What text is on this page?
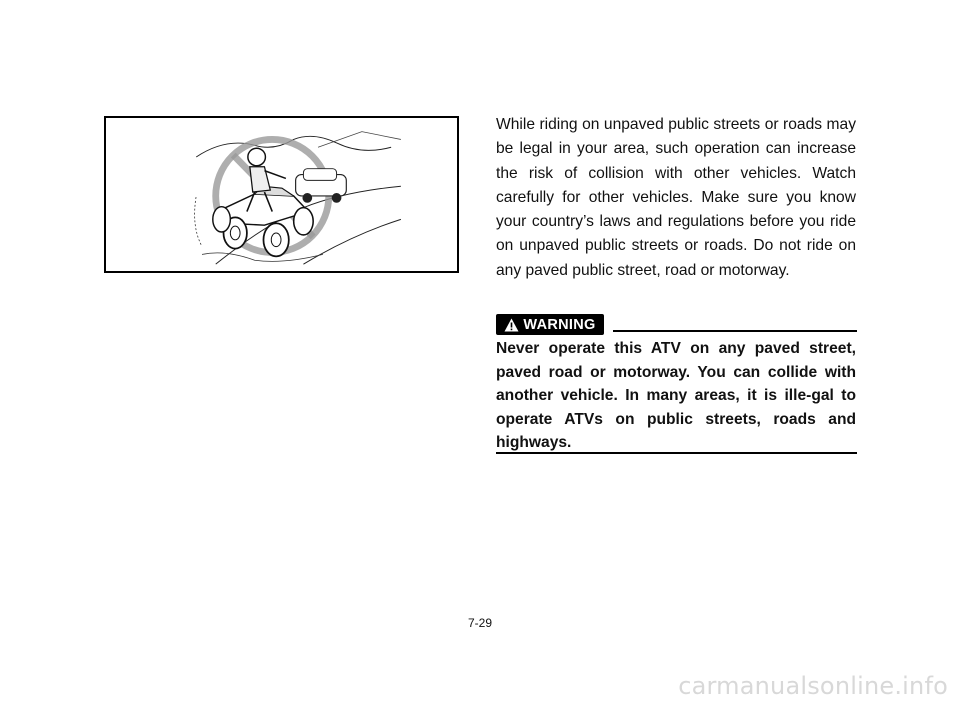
While riding on unpaved public streets or roads may be legal in your area, such operation can increase the risk of collision with other vehicles. Watch carefully for other vehicles. Make sure you know your country’s laws and regulations before you ride on unpaved public streets or roads. Do not ride on any paved public street, road or motorway.

WARNING

Never operate this ATV on any paved street, paved road or motorway. You can collide with another vehicle. In many areas, it is ille-gal to operate ATVs on public streets, roads and highways.

7-29
carmanualsonline.info
